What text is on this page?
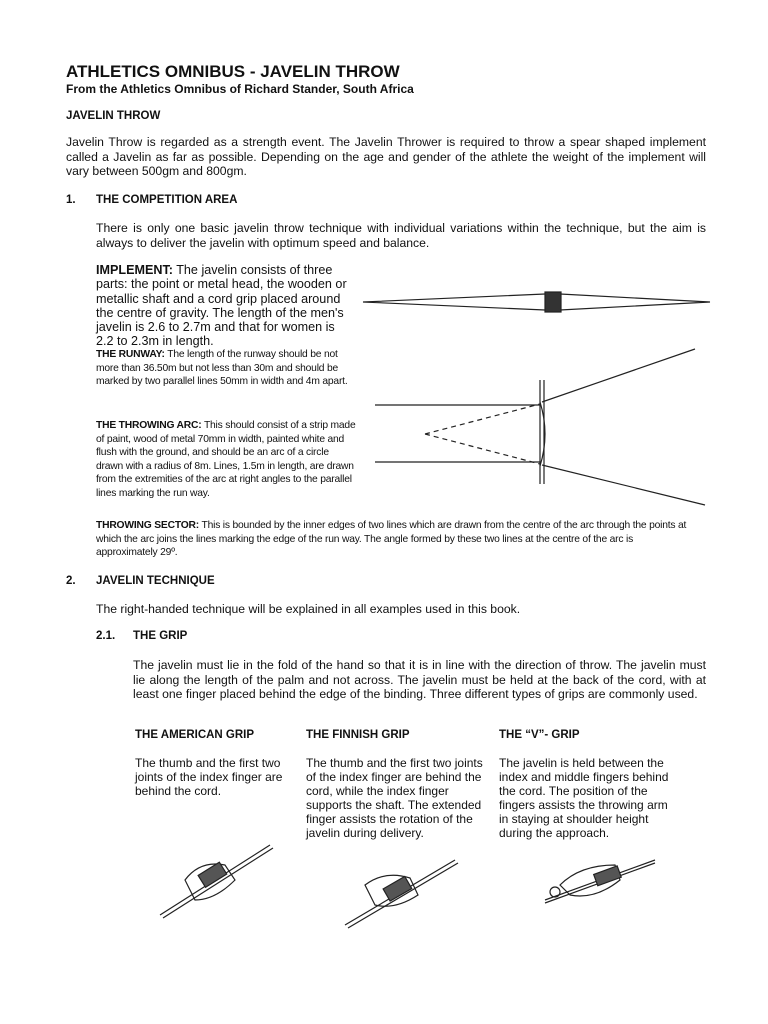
ATHLETICS OMNIBUS - JAVELIN THROW

From the Athletics Omnibus of Richard Stander, South Africa

JAVELIN THROW

Javelin Throw is regarded as a strength event. The Javelin Thrower is required to throw a spear shaped implement called a Javelin as far as possible. Depending on the age and gender of the athlete the weight of the implement will vary between 500gm and 800gm.

1. THE COMPETITION AREA

There is only one basic javelin throw technique with individual variations within the technique, but the aim is always to deliver the javelin with optimum speed and balance.

IMPLEMENT: The javelin consists of three parts: the point or metal head, the wooden or metallic shaft and a cord grip placed around the centre of gravity. The length of the men's javelin is 2.6 to 2.7m and that for women is 2.2 to 2.3m in length.

THE RUNWAY: The length of the runway should be not more than 36.50m but not less than 30m and should be marked by two parallel lines 50mm in width and 4m apart.

THE THROWING ARC: This should consist of a strip made of paint, wood of metal 70mm in width, painted white and flush with the ground, and should be an arc of a circle drawn with a radius of 8m. Lines, 1.5m in length, are drawn from the extremities of the arc at right angles to the parallel lines marking the run way.

THROWING SECTOR: This is bounded by the inner edges of two lines which are drawn from the centre of the arc through the points at which the arc joins the lines marking the edge of the run way. The angle formed by these two lines at the centre of the arc is approximately 29º.

2. JAVELIN TECHNIQUE

The right-handed technique will be explained in all examples used in this book.

2.1. THE GRIP

The javelin must lie in the fold of the hand so that it is in line with the direction of throw. The javelin must lie along the length of the palm and not across. The javelin must be held at the back of the cord, with at least one finger placed behind the edge of the binding. Three different types of grips are commonly used.

THE AMERICAN GRIP

The thumb and the first two joints of the index finger are behind the cord.

THE FINNISH GRIP

The thumb and the first two joints of the index finger are behind the cord, while the index finger supports the shaft. The extended finger assists the rotation of the javelin during delivery.

THE “V”- GRIP

The javelin is held between the index and middle fingers behind the cord. The position of the fingers assists the throwing arm in staying at shoulder height during the approach.
